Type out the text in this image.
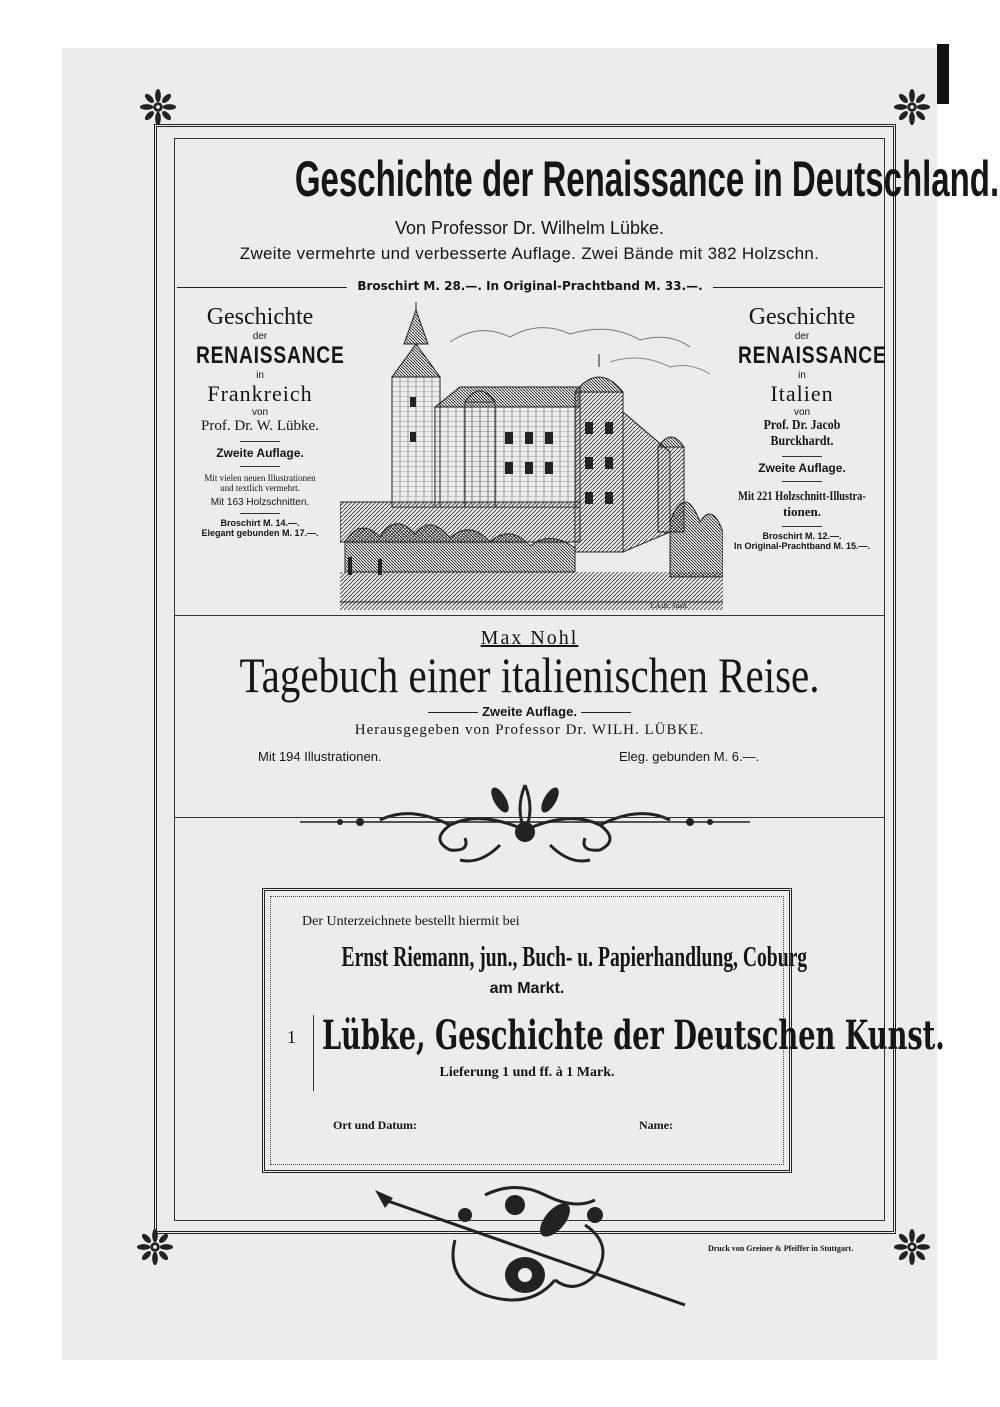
Geschichte der Renaissance in Deutschland.
Von Professor Dr. Wilhelm Lübke.
Zweite vermehrte und verbesserte Auflage. Zwei Bände mit 382 Holzschn.
Broschirt M. 28.—. In Original-Prachtband M. 33.—.
Geschichte
der
RENAISSANCE
in
Frankreich
von
Prof. Dr. W. Lübke.
Zweite Auflage.
Mit vielen neuen Illustrationen
und textlich vermehrt.
Mit 163 Holzschnitten.
Broschirt M. 14.—.
Elegant gebunden M. 17.—.
Geschichte
der
RENAISSANCE
in
Italien
von
Prof. Dr. Jacob Burckhardt.
Zweite Auflage.
Mit 221 Holzschnitt-Illustra-
tionen.
Broschirt M. 12.—.
In Original-Prachtband M. 15.—.
L.A.dn. Stadt.
Max Nohl
Tagebuch einer italienischen Reise.
Zweite Auflage.
Herausgegeben von Professor Dr. WILH. LÜBKE.
Mit 194 Illustrationen.	Eleg. gebunden M. 6.—.
Der Unterzeichnete bestellt hiermit bei
Ernst Riemann, jun., Buch- u. Papierhandlung, Coburg
am Markt.
1 Lübke, Geschichte der Deutschen Kunst.
Lieferung 1 und ff. à 1 Mark.
Ort und Datum:	Name:
Druck von Greiner & Pfeiffer in Stuttgart.
